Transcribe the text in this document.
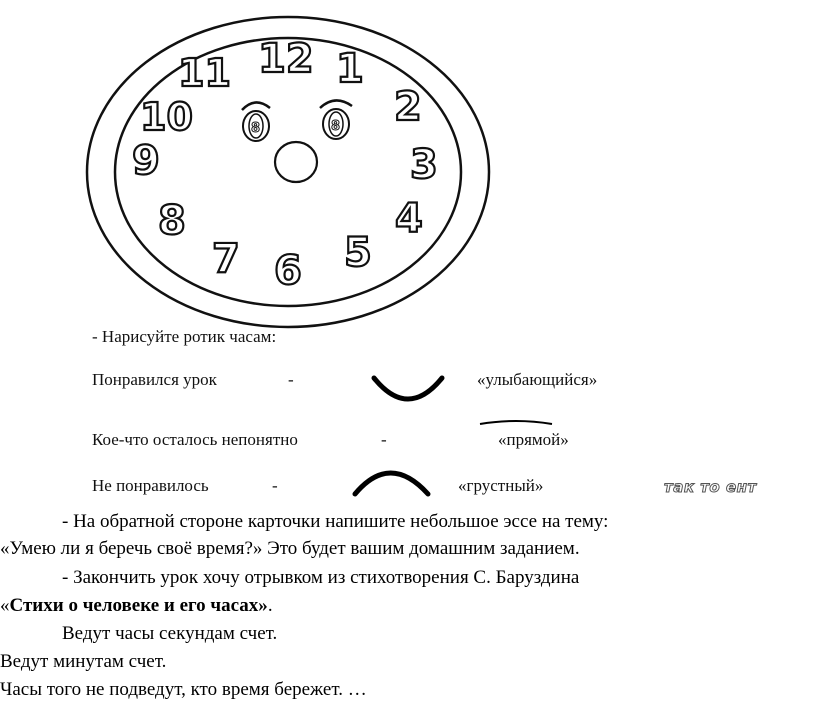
12 1
2
3
4
5
6
7
8
9
10
11
8	8
- Нарисуйте ротик часам:
Понравился урок	-	«улыбающийся»
Кое-что осталось непонятно	-	«прямой»
Не понравилось	-	«грустный»	так то ент
- На обратной стороне карточки напишите небольшое эссе на тему:
«Умею ли я беречь своё время?» Это будет вашим домашним заданием.
- Закончить урок хочу отрывком из стихотворения С. Баруздина
«Стихи о человеке и его часах».
Ведут часы секундам счет.
Ведут минутам счет.
Часы того не подведут, кто время бережет. …
